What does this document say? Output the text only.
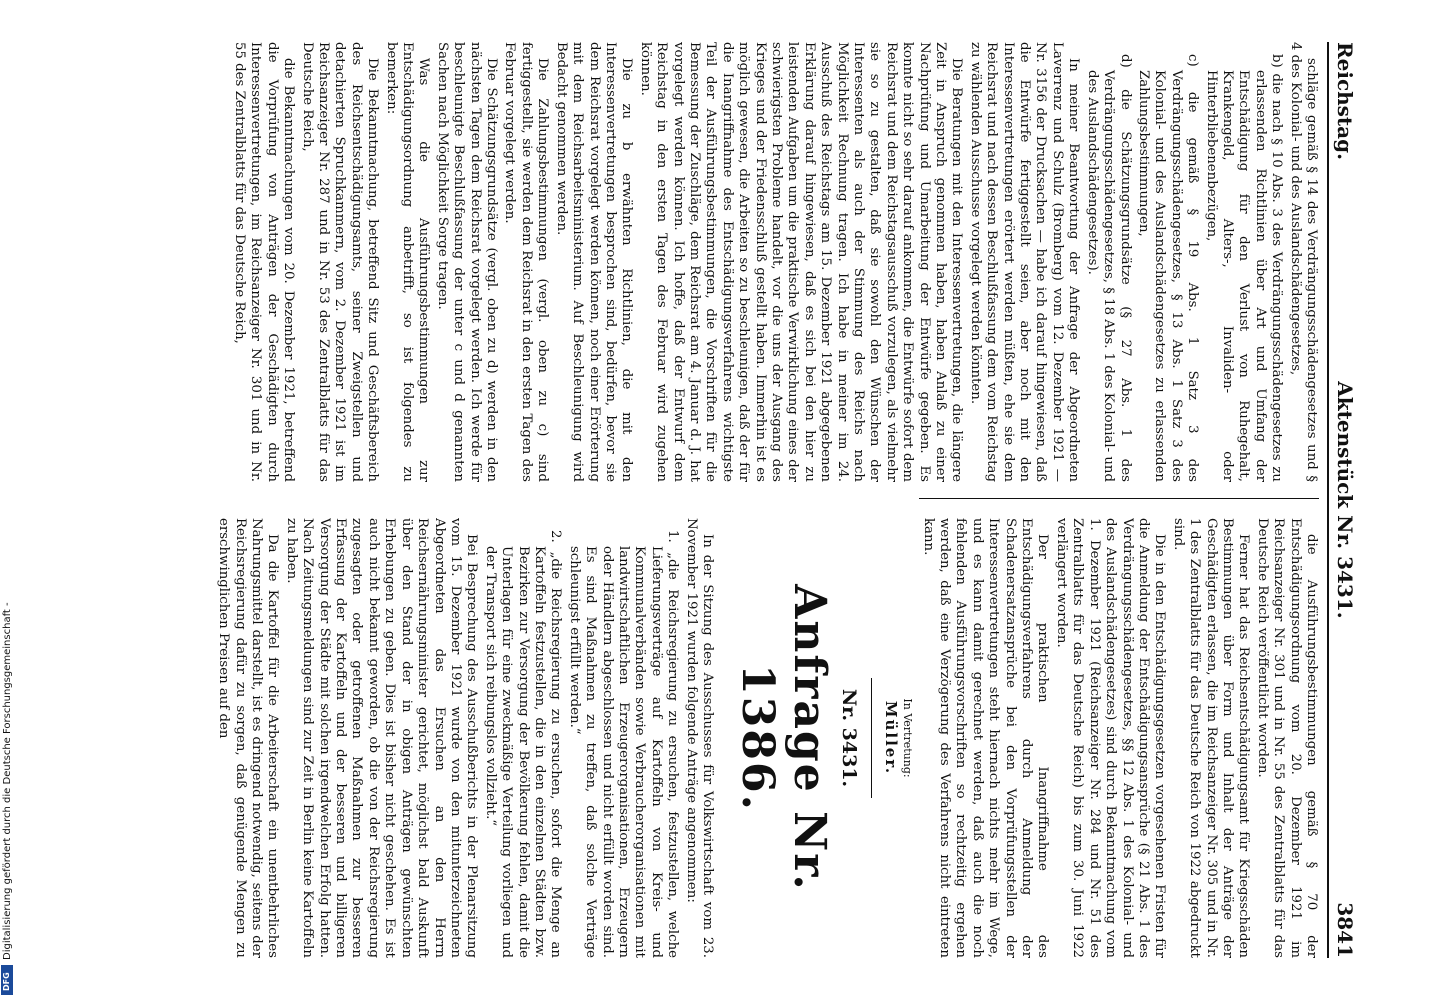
Reichstag.
Aktenstück Nr. 3431.
3841

schläge gemäß § 14 des Verdrängungsschädengesetzes und § 4 des Kolonial- und des Auslandschädengesetzes,

b) die nach § 10 Abs. 3 des Verdrängungsschädengesetzes zu erlassenden Richtlinien über Art und Umfang der Entschädigung für den Verlust von Ruhegehalt, Krankengeld, Alters-, Invaliden- oder Hinterbliebenenbezügen,

c) die gemäß § 19 Abs. 1 Satz 3 des Verdrängungsschädengesetzes, § 13 Abs. 1 Satz 3 des Kolonial- und des Auslandschädengesetzes zu erlassenden Zahlungsbestimmungen,

d) die Schätzungsgrundsätze (§ 27 Abs. 1 des Verdrängungsschädengesetzes, § 18 Abs. 1 des Kolonial- und des Auslandschädengesetzes).

In meiner Beantwortung der Anfrage der Abgeordneten Laverrenz und Schulz (Bromberg) vom 12. Dezember 1921 — Nr. 3156 der Drucksachen — habe ich darauf hingewiesen, daß die Entwürfe fertiggestellt seien, aber noch mit den Interessenvertretungen erörtert werden müßten, ehe sie dem Reichsrat und nach dessen Beschlußfassung dem vom Reichstag zu wählenden Ausschusse vorgelegt werden könnten.

Die Beratungen mit den Interessenvertretungen, die längere Zeit in Anspruch genommen haben, haben Anlaß zu einer Nachprüfung und Umarbeitung der Entwürfe gegeben. Es konnte nicht so sehr darauf ankommen, die Entwürfe sofort dem Reichsrat und dem Reichstagsausschuß vorzulegen, als vielmehr sie so zu gestalten, daß sie sowohl den Wünschen der Interessenten als auch der Stimmung des Reichs nach Möglichkeit Rechnung tragen. Ich habe in meiner im 24. Ausschuß des Reichstags am 15. Dezember 1921 abgegebenen Erklärung darauf hingewiesen, daß es sich bei den hier zu leistenden Aufgaben um die praktische Verwirklichung eines der schwierigsten Probleme handelt, vor die uns der Ausgang des Krieges und der Friedensschluß gestellt haben. Immerhin ist es möglich gewesen, die Arbeiten so zu beschleunigen, daß der für die Inangriffnahme des Entschädigungsverfahrens wichtigste Teil der Ausführungsbestimmungen, die Vorschriften für die Bemessung der Zuschläge, dem Reichsrat am 4. Januar d. J. hat vorgelegt werden können. Ich hoffe, daß der Entwurf dem Reichstag in den ersten Tagen des Februar wird zugehen können.

Die zu b erwähnten Richtlinien, die mit den Interessenvertretungen besprochen sind, bedürfen, bevor sie dem Reichsrat vorgelegt werden können, noch einer Erörterung mit dem Reichsarbeitsministerium. Auf Beschleunigung wird Bedacht genommen werden.

Die Zahlungsbestimmungen (vergl. oben zu c) sind fertiggestellt, sie werden dem Reichsrat in den ersten Tagen des Februar vorgelegt werden.

Die Schätzungsgrundsätze (vergl. oben zu d) werden in den nächsten Tagen dem Reichsrat vorgelegt werden. Ich werde für beschleunigte Beschlußfassung der unter c und d genannten Sachen nach Möglichkeit Sorge tragen.

Was die Ausführungsbestimmungen zur Entschädigungsordnung anbetrifft, so ist folgendes zu bemerken:

Die Bekanntmachung, betreffend Sitz und Geschäftsbereich des Reichsentschädigungsamts, seiner Zweigstellen und detachierten Spruchkammern, vom 2. Dezember 1921 ist im Reichsanzeiger Nr. 287 und in Nr. 53 des Zentralblatts für das Deutsche Reich,

die Bekanntmachungen vom 20. Dezember 1921, betreffend die Vorprüfung von Anträgen der Geschädigten durch Interessenvertretungen, im Reichsanzeiger Nr. 301 und in Nr. 55 des Zentralblatts für das Deutsche Reich,

die Ausführungsbestimmungen gemäß § 70 der Entschädigungsordnung vom 20. Dezember 1921 im Reichsanzeiger Nr. 301 und in Nr. 55 des Zentralblatts für das Deutsche Reich veröffentlicht worden.

Ferner hat das Reichsentschädigungsamt für Kriegsschäden Bestimmungen über Form und Inhalt der Anträge der Geschädigten erlassen, die im Reichsanzeiger Nr. 305 und in Nr. 1 des Zentralblatts für das Deutsche Reich von 1922 abgedruckt sind.

Die in den Entschädigungsgesetzen vorgesehenen Fristen für die Anmeldung der Entschädigungsansprüche (§ 21 Abs. 1 des Verdrängungsschädengesetzes, §§ 12 Abs. 1 des Kolonial- und des Auslandschädengesetzes) sind durch Bekanntmachung vom 1. Dezember 1921 (Reichsanzeiger Nr. 284 und Nr. 51 des Zentralblatts für das Deutsche Reich) bis zum 30. Juni 1922 verlängert worden.

Der praktischen Inangriffnahme des Entschädigungsverfahrens durch Anmeldung der Schadenersatzansprüche bei den Vorprüfungsstellen der Interessenvertretungen steht hiernach nichts mehr im Wege, und es kann damit gerechnet werden, daß auch die noch fehlenden Ausführungsvorschriften so rechtzeitig ergehen werden, daß eine Verzögerung des Verfahrens nicht eintreten kann.

In Vertretung:
Müller.
Nr. 3431.
Anfrage Nr. 1386.

In der Sitzung des Ausschusses für Volkswirtschaft vom 23. November 1921 wurden folgende Anträge angenommen:

1. „die Reichsregierung zu ersuchen, festzustellen, welche Lieferungsverträge auf Kartoffeln von Kreis- und Kommunalverbänden sowie Verbraucherorganisationen mit landwirtschaftlichen Erzeugerorganisationen, Erzeugern oder Händlern abgeschlossen und nicht erfüllt worden sind. Es sind Maßnahmen zu treffen, daß solche Verträge schleunigst erfüllt werden.“

2. „die Reichsregierung zu ersuchen, sofort die Menge an Kartoffeln festzustellen, die in den einzelnen Städten bzw. Bezirken zur Versorgung der Bevölkerung fehlen, damit die Unterlagen für eine zweckmäßige Verteilung vorliegen und der Transport sich reibungslos vollzieht.“

Bei Besprechung des Ausschußberichts in der Plenarsitzung vom 15. Dezember 1921 wurde von den mitunterzeichneten Abgeordneten das Ersuchen an den Herrn Reichsernährungsminister gerichtet, möglichst bald Auskunft über den Stand der in obigen Anträgen gewünschten Erhebungen zu geben. Dies ist bisher nicht geschehen. Es ist auch nicht bekannt geworden, ob die von der Reichsregierung zugesagten oder getroffenen Maßnahmen zur besseren Erfassung der Kartoffeln und der besseren und billigeren Versorgung der Städte mit solchen irgendwelchen Erfolg hatten. Nach Zeitungsmeldungen sind zur Zeit in Berlin keine Kartoffeln zu haben.

Da die Kartoffel für die Arbeiterschaft ein unentbehrliches Nahrungsmittel darstellt, ist es dringend notwendig, seitens der Reichsregierung dafür zu sorgen, daß genügende Mengen zu erschwinglichen Preisen auf den

Digitalisierung gefördert durch die Deutsche Forschungsgemeinschaft -
DFG
